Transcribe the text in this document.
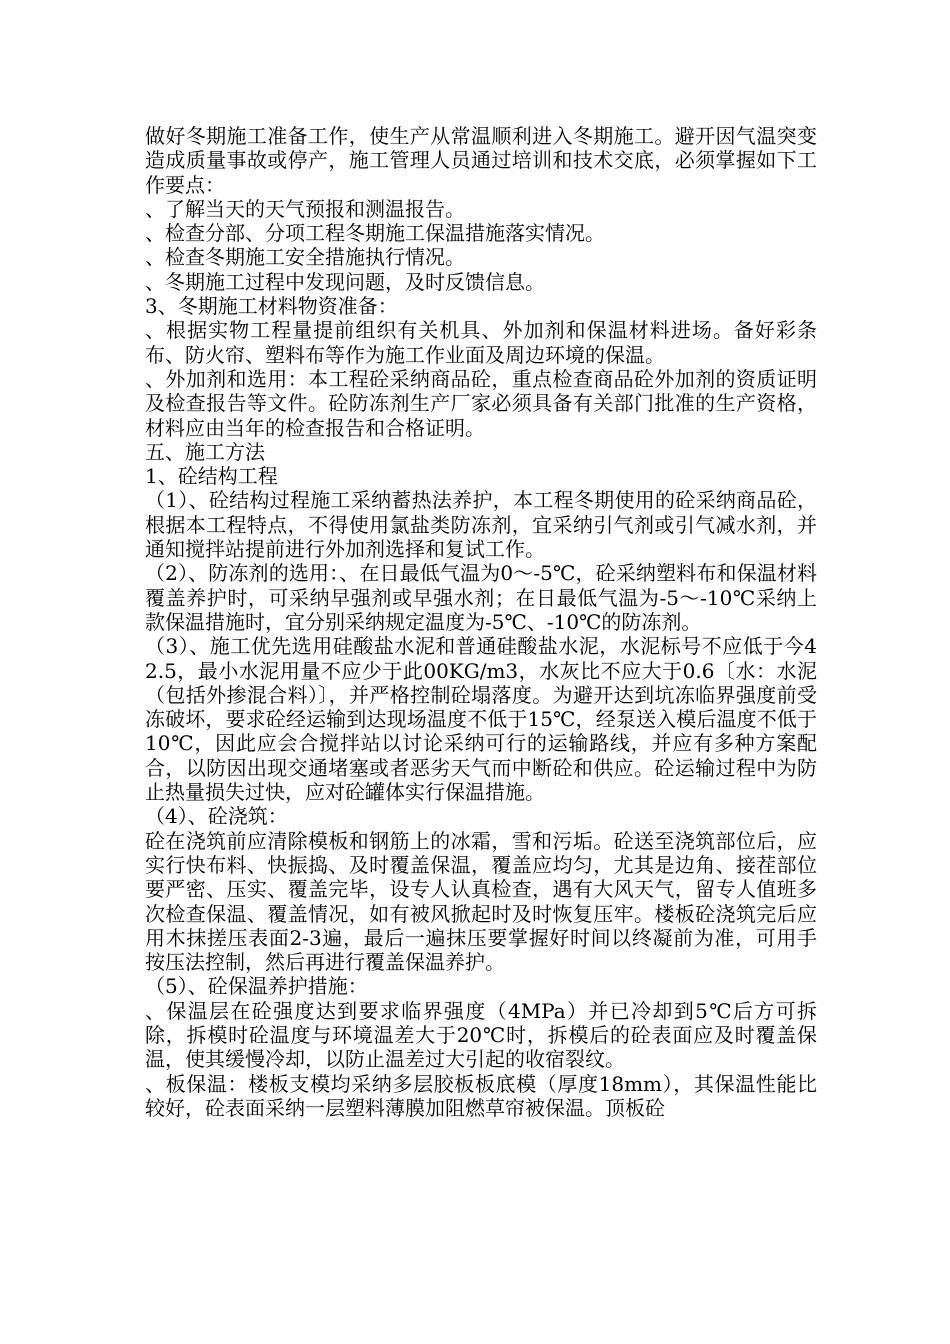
做好冬期施工准备工作，使生产从常温顺利进入冬期施工。避开因气温突变造成质量事故或停产，施工管理人员通过培训和技术交底，必须掌握如下工作要点：

、了解当天的天气预报和测温报告。

、检查分部、分项工程冬期施工保温措施落实情况。

、检查冬期施工安全措施执行情况。

、冬期施工过程中发现问题，及时反馈信息。

3、冬期施工材料物资准备：

、根据实物工程量提前组织有关机具、外加剂和保温材料进场。备好彩条布、防火帘、塑料布等作为施工作业面及周边环境的保温。

、外加剂和选用：本工程砼采纳商品砼，重点检查商品砼外加剂的资质证明及检查报告等文件。砼防冻剂生产厂家必须具备有关部门批准的生产资格，材料应由当年的检查报告和合格证明。

五、施工方法

1、砼结构工程

（1）、砼结构过程施工采纳蓄热法养护，本工程冬期使用的砼采纳商品砼，根据本工程特点，不得使用氯盐类防冻剂，宜采纳引气剂或引气减水剂，并通知搅拌站提前进行外加剂选择和复试工作。

（2）、防冻剂的选用：、在日最低气温为0～-5℃，砼采纳塑料布和保温材料覆盖养护时，可采纳早强剂或早强水剂；在日最低气温为-5～-10℃采纳上款保温措施时，宜分别采纳规定温度为-5℃、-10℃的防冻剂。

（3）、施工优先选用硅酸盐水泥和普通硅酸盐水泥，水泥标号不应低于今42.5，最小水泥用量不应少于此00KG/m3，水灰比不应大于0.6〔水：水泥（包括外掺混合料）〕，并严格控制砼塌落度。为避开达到坑冻临界强度前受冻破坏，要求砼经运输到达现场温度不低于15℃，经泵送入模后温度不低于10℃，因此应会合搅拌站以讨论采纳可行的运输路线，并应有多种方案配合，以防因出现交通堵塞或者恶劣天气而中断砼和供应。砼运输过程中为防止热量损失过快，应对砼罐体实行保温措施。

（4）、砼浇筑：

砼在浇筑前应清除模板和钢筋上的冰霜，雪和污垢。砼送至浇筑部位后，应实行快布料、快振捣、及时覆盖保温，覆盖应均匀，尤其是边角、接茬部位要严密、压实、覆盖完毕，设专人认真检查，遇有大风天气，留专人值班多次检查保温、覆盖情况，如有被风掀起时及时恢复压牢。楼板砼浇筑完后应用木抹搓压表面2-3遍，最后一遍抹压要掌握好时间以终凝前为准，可用手按压法控制，然后再进行覆盖保温养护。

（5）、砼保温养护措施：

、保温层在砼强度达到要求临界强度（4MPa）并已冷却到5℃后方可拆除，拆模时砼温度与环境温差大于20℃时，拆模后的砼表面应及时覆盖保温，使其缓慢冷却，以防止温差过大引起的收宿裂纹。

、板保温：楼板支模均采纳多层胶板板底模（厚度18mm），其保温性能比较好，砼表面采纳一层塑料薄膜加阻燃草帘被保温。顶板砼
